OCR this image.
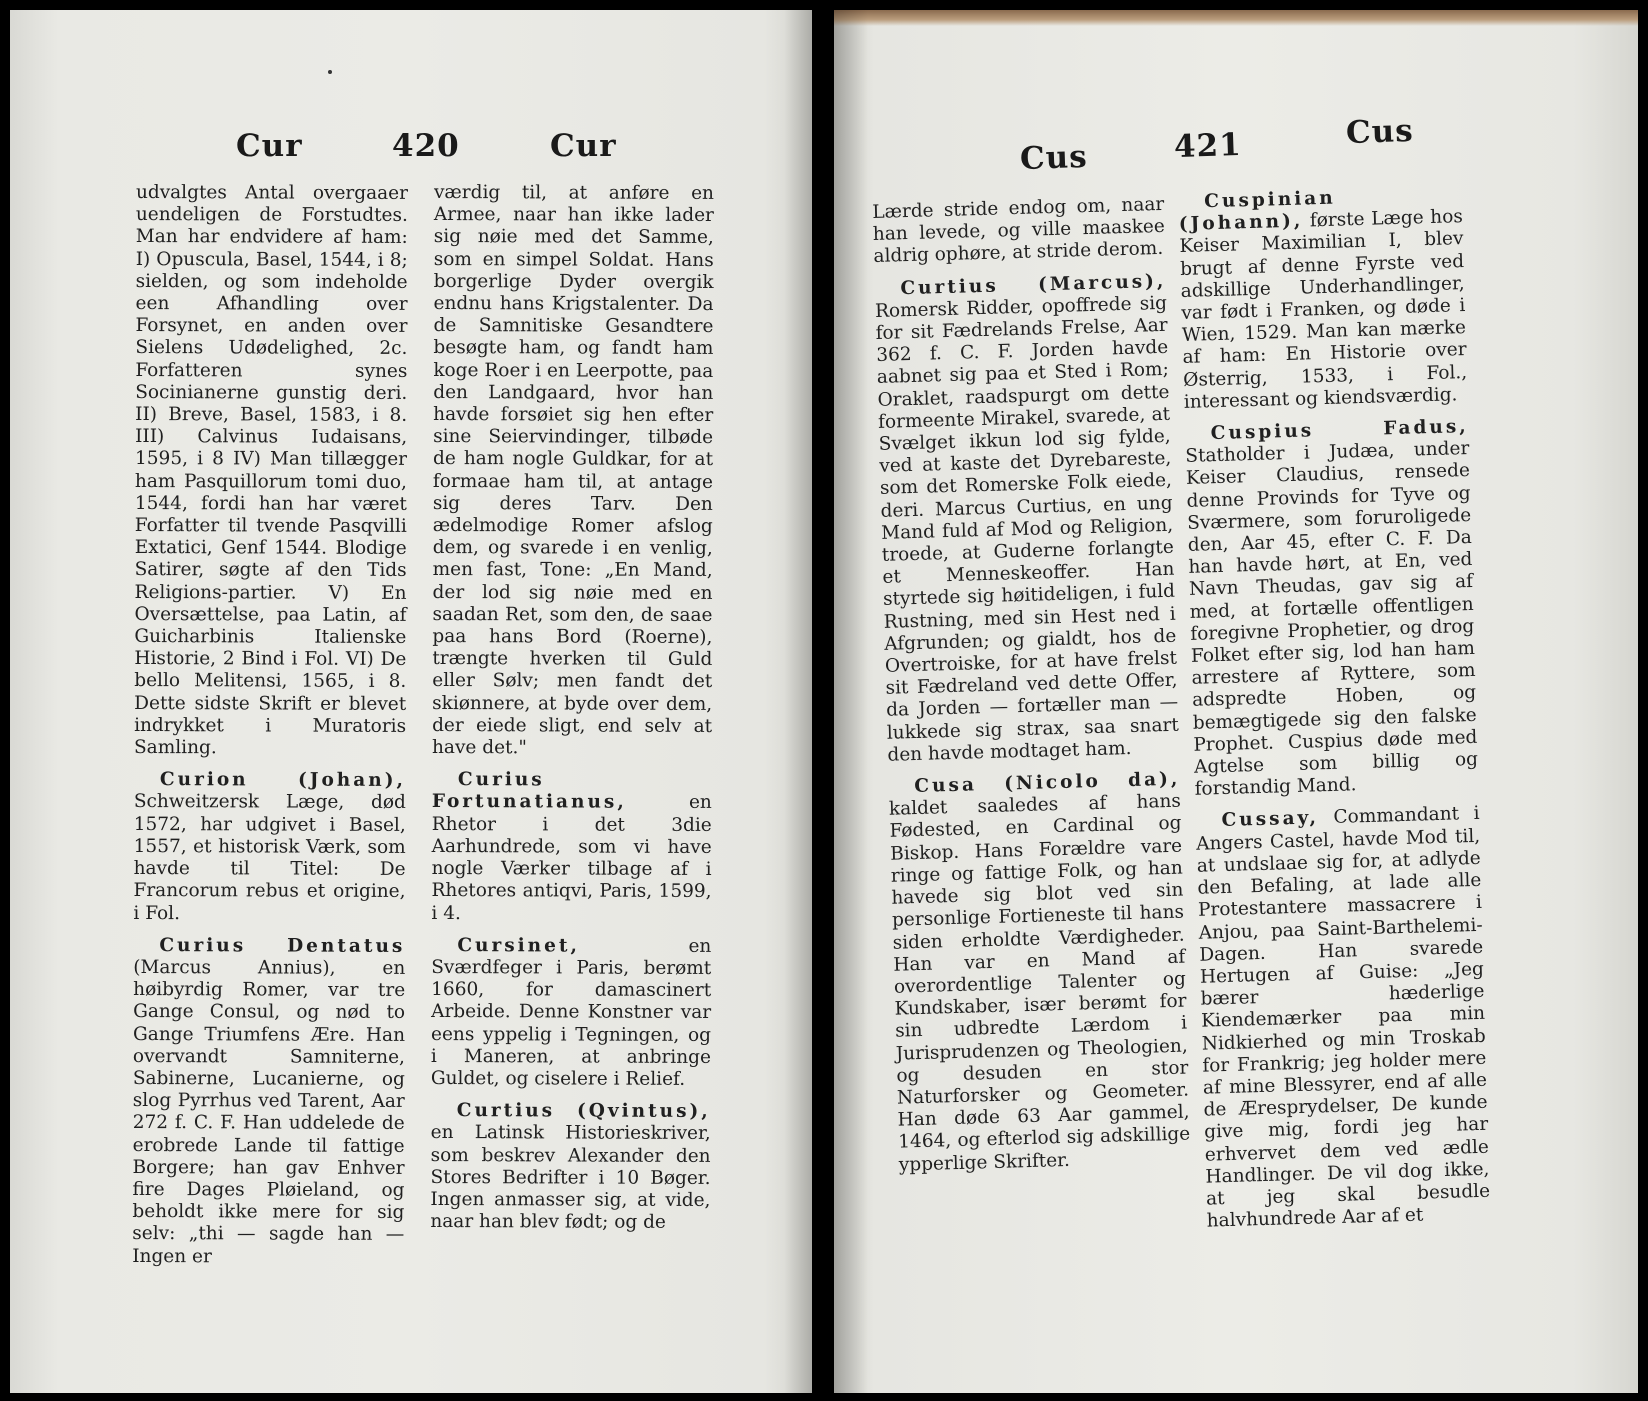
Cur	420	Cur

udvalgtes Antal overgaaer uendeligen de Forstudtes. Man har endvidere af ham: I) Opuscula, Basel, 1544, i 8; sielden, og som indeholde een Afhandling over Forsynet, en anden over Sielens Udødelighed, 2c. Forfatteren synes Socinianerne gunstig deri. II) Breve, Basel, 1583, i 8. III) Calvinus Iudaisans, 1595, i 8 IV) Man tillægger ham Pasquillorum tomi duo, 1544, fordi han har været Forfatter til tvende Pasqvilli Extatici, Genf 1544. Blodige Satirer, søgte af den Tids Religions-partier. V) En Oversættelse, paa Latin, af Guicharbinis Italienske Historie, 2 Bind i Fol. VI) De bello Melitensi, 1565, i 8. Dette sidste Skrift er blevet indrykket i Muratoris Samling.

Curion (Johan), Schweitzersk Læge, død 1572, har udgivet i Basel, 1557, et historisk Værk, som havde til Titel: De Francorum rebus et origine, i Fol.

Curius Dentatus (Marcus Annius), en høibyrdig Romer, var tre Gange Consul, og nød to Gange Triumfens Ære. Han overvandt Samniterne, Sabinerne, Lucanierne, og slog Pyrrhus ved Tarent, Aar 272 f. C. F. Han uddelede de erobrede Lande til fattige Borgere; han gav Enhver fire Dages Pløieland, og beholdt ikke mere for sig selv: „thi — sagde han — Ingen er

værdig til, at anføre en Armee, naar han ikke lader sig nøie med det Samme, som en simpel Soldat. Hans borgerlige Dyder overgik endnu hans Krigstalenter. Da de Samnitiske Gesandtere besøgte ham, og fandt ham koge Roer i en Leerpotte, paa den Landgaard, hvor han havde forsøiet sig hen efter sine Seiervindinger, tilbøde de ham nogle Guldkar, for at formaae ham til, at antage sig deres Tarv. Den ædelmodige Romer afslog dem, og svarede i en venlig, men fast, Tone: „En Mand, der lod sig nøie med en saadan Ret, som den, de saae paa hans Bord (Roerne), trængte hverken til Guld eller Sølv; men fandt det skiønnere, at byde over dem, der eiede sligt, end selv at have det."

Curius Fortunatianus,	en Rhetor i det 3die Aarhundrede, som vi have nogle Værker tilbage af i Rhetores antiqvi, Paris, 1599, i 4.

Cursinet,	en Sværdfeger i Paris, berømt 1660, for damascinert Arbeide. Denne Konstner var eens yppelig i Tegningen, og i Maneren, at anbringe Guldet, og ciselere i Relief.

Curtius (Qvintus), en Latinsk Historieskriver, som beskrev Alexander den Stores Bedrifter i 10 Bøger. Ingen anmasser sig, at vide, naar han blev født; og de

Cus	421	Cus

Lærde stride endog om, naar han levede, og ville maaskee aldrig ophøre, at stride derom.

Curtius (Marcus), Romersk Ridder, opoffrede sig for sit Fædrelands Frelse, Aar 362 f. C. F. Jorden havde aabnet sig paa et Sted i Rom; Oraklet, raadspurgt om dette formeente Mirakel, svarede, at Svælget ikkun lod sig fylde, ved at kaste det Dyrebareste, som det Romerske Folk eiede, deri. Marcus Curtius, en ung Mand fuld af Mod og Religion, troede, at Guderne forlangte et Menneskeoffer. Han styrtede sig høitideligen, i fuld Rustning, med sin Hest ned i Afgrunden; og gialdt, hos de Overtroiske, for at have frelst sit Fædreland ved dette Offer, da Jorden — fortæller man — lukkede sig strax, saa snart den havde modtaget ham.

Cusa (Nicolo da), kaldet saaledes af hans Fødested, en Cardinal og Biskop. Hans Forældre vare ringe og fattige Folk, og han havede sig blot ved sin personlige Fortieneste til hans siden erholdte Værdigheder. Han var en Mand af overordentlige Talenter og Kundskaber, især berømt for sin udbredte Lærdom i Jurisprudenzen og Theologien, og desuden en stor Naturforsker og Geometer. Han døde 63 Aar gammel, 1464, og efterlod sig adskillige ypperlige Skrifter.

Cuspinian (Johann), første Læge hos Keiser Maximilian I, blev brugt af denne Fyrste ved adskillige Underhandlinger, var født i Franken, og døde i Wien, 1529. Man kan mærke af ham: En Historie over Østerrig, 1533, i Fol., interessant og kiendsværdig.

Cuspius Fadus, Statholder i Judæa, under Keiser Claudius, rensede denne Provinds for Tyve og Sværmere, som foruroligede den, Aar 45, efter C. F. Da han havde hørt, at En, ved Navn Theudas, gav sig af med, at fortælle offentligen foregivne Prophetier, og drog Folket efter sig, lod han ham arrestere af Ryttere, som adspredte Hoben, og bemægtigede sig den falske Prophet. Cuspius døde med Agtelse som billig og forstandig Mand.

Cussay, Commandant i Angers Castel, havde Mod til, at undslaae sig for, at adlyde den Befaling, at lade alle Protestantere massacrere i Anjou, paa Saint-Barthelemi-Dagen. Han svarede Hertugen af Guise: „Jeg bærer hæderlige Kiendemærker paa min Nidkierhed og min Troskab for Frankrig; jeg holder mere af mine Blessyrer, end af alle de Æresprydelser, De kunde give mig, fordi jeg har erhvervet dem ved ædle Handlinger. De vil dog ikke, at jeg skal besudle halvhundrede Aar af et
